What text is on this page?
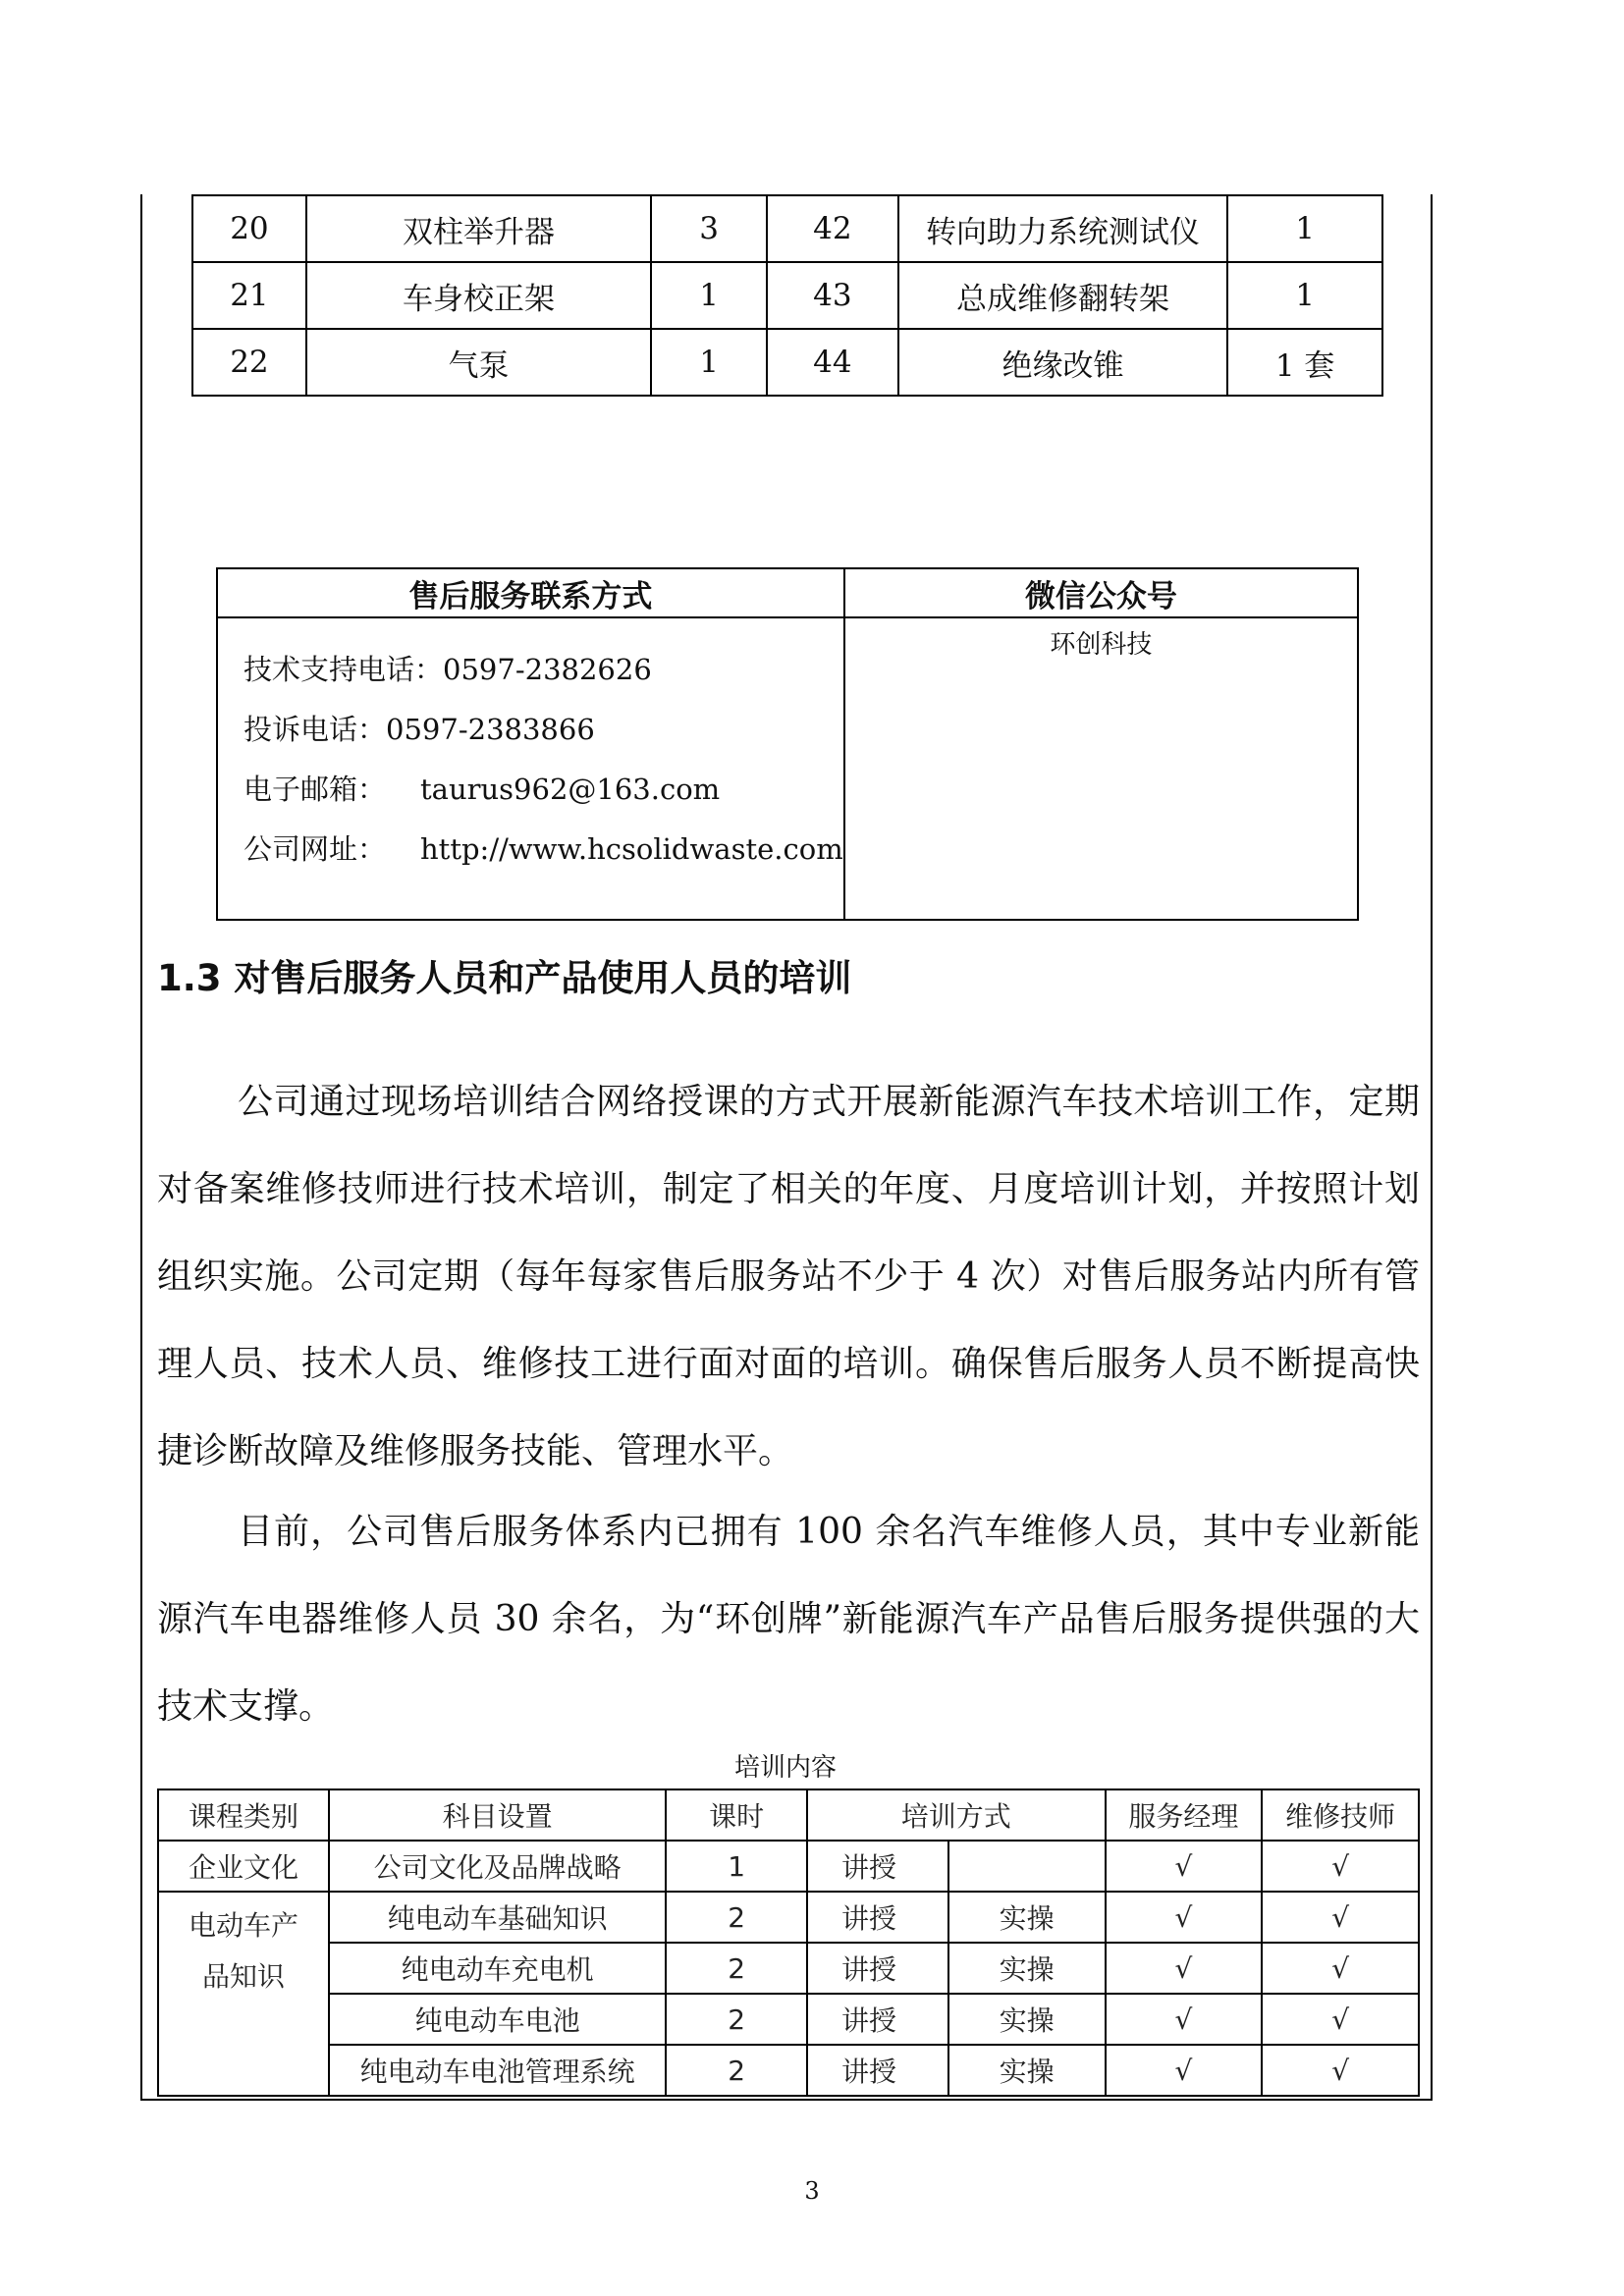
20	双柱举升器	3	42	转向助力系统测试仪	1
21	车身校正架	1	43	总成维修翻转架	1
22	气泵	1	44	绝缘改锥	1 套
售后服务联系方式	微信公众号

技术支持电话：0597-2382626
投诉电话：0597-2383866
电子邮箱： taurus962@163.com
公司网址： http://www.hcsolidwaste.com	环创科技
1.3 对售后服务人员和产品使用人员的培训
公司通过现场培训结合网络授课的方式开展新能源汽车技术培训工作，定期对备案维修技师进行技术培训，制定了相关的年度、月度培训计划，并按照计划组织实施。公司定期（每年每家售后服务站不少于 4 次）对售后服务站内所有管理人员、技术人员、维修技工进行面对面的培训。确保售后服务人员不断提高快捷诊断故障及维修服务技能、管理水平。
目前，公司售后服务体系内已拥有 100 余名汽车维修人员，其中专业新能源汽车电器维修人员 30 余名，为“环创牌”新能源汽车产品售后服务提供强的大技术支撑。
培训内容
课程类别	科目设置	课时	培训方式		服务经理	维修技师
企业文化	公司文化及品牌战略	1	讲授		√	√

电动车产品知识	纯电动车基础知识	2	讲授	实操	√	√
	纯电动车充电机	2	讲授	实操	√	√
	纯电动车电池	2	讲授	实操	√	√
	纯电动车电池管理系统	2	讲授	实操	√	√
3
